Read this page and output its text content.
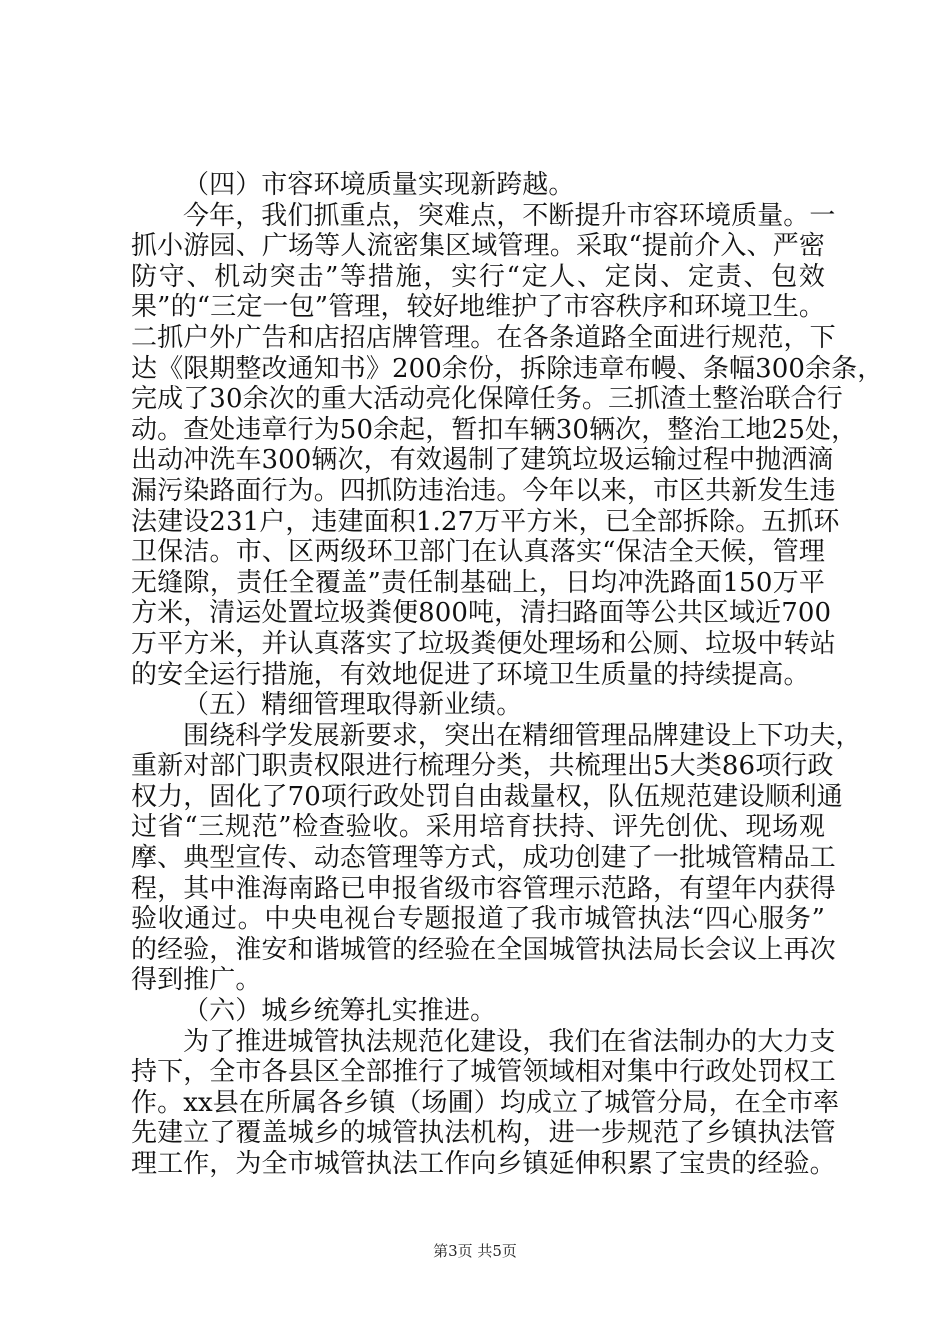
（四）市容环境质量实现新跨越。
今年，我们抓重点，突难点，不断提升市容环境质量。一
抓小游园、广场等人流密集区域管理。采取“提前介入、严密
防守、机动突击”等措施，实行“定人、定岗、定责、包效
果”的“三定一包”管理，较好地维护了市容秩序和环境卫生。
二抓户外广告和店招店牌管理。在各条道路全面进行规范，下
达《限期整改通知书》200余份，拆除违章布幔、条幅300余条，
完成了30余次的重大活动亮化保障任务。三抓渣土整治联合行
动。查处违章行为50余起，暂扣车辆30辆次，整治工地25处，
出动冲洗车300辆次，有效遏制了建筑垃圾运输过程中抛洒滴
漏污染路面行为。四抓防违治违。今年以来，市区共新发生违
法建设231户，违建面积1.27万平方米，已全部拆除。五抓环
卫保洁。市、区两级环卫部门在认真落实“保洁全天候，管理
无缝隙，责任全覆盖”责任制基础上，日均冲洗路面150万平
方米，清运处置垃圾粪便800吨，清扫路面等公共区域近700
万平方米，并认真落实了垃圾粪便处理场和公厕、垃圾中转站
的安全运行措施，有效地促进了环境卫生质量的持续提高。
（五）精细管理取得新业绩。
围绕科学发展新要求，突出在精细管理品牌建设上下功夫，
重新对部门职责权限进行梳理分类，共梳理出5大类86项行政
权力，固化了70项行政处罚自由裁量权，队伍规范建设顺利通
过省“三规范”检查验收。采用培育扶持、评先创优、现场观
摩、典型宣传、动态管理等方式，成功创建了一批城管精品工
程，其中淮海南路已申报省级市容管理示范路，有望年内获得
验收通过。中央电视台专题报道了我市城管执法“四心服务”
的经验，淮安和谐城管的经验在全国城管执法局长会议上再次
得到推广。
（六）城乡统筹扎实推进。
为了推进城管执法规范化建设，我们在省法制办的大力支
持下，全市各县区全部推行了城管领域相对集中行政处罚权工
作。xx县在所属各乡镇（场圃）均成立了城管分局，在全市率
先建立了覆盖城乡的城管执法机构，进一步规范了乡镇执法管
理工作，为全市城管执法工作向乡镇延伸积累了宝贵的经验。
第3页 共5页
